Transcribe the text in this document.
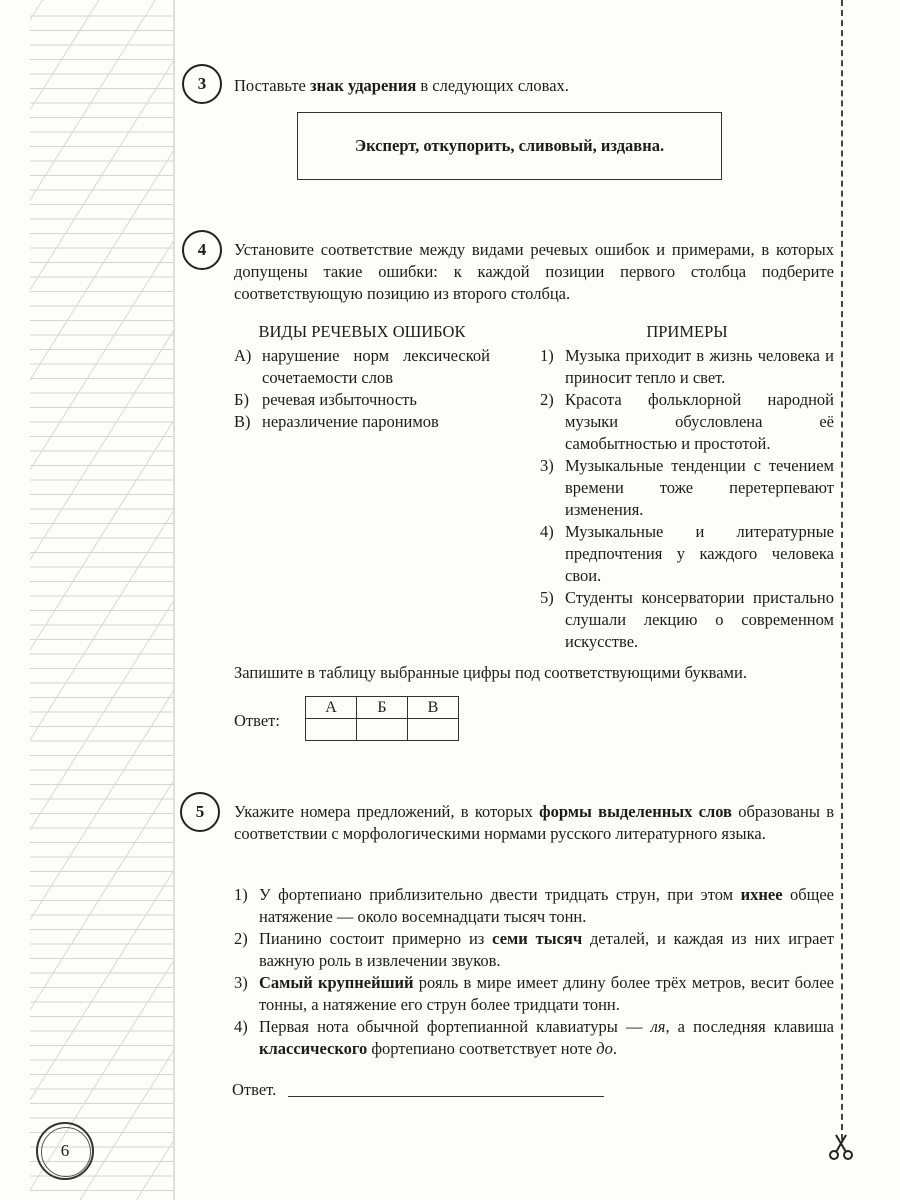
6
3	Поставьте знак ударения в следующих словах.
Эксперт, откупорить, сливовый, издавна.
4	Установите соответствие между видами речевых ошибок и примерами, в которых допущены такие ошибки: к каждой позиции первого столбца подберите соответствующую позицию из второго столбца.
ВИДЫ РЕЧЕВЫХ ОШИБОК	ПРИМЕРЫ
А) нарушение норм лексической сочетаемости слов
Б) речевая избыточность
В) неразличение паронимов
1) Музыка приходит в жизнь человека и приносит тепло и свет.
2) Красота фольклорной народной музыки обусловлена её самобытностью и простотой.
3) Музыкальные тенденции с течением времени тоже перетерпевают изменения.
4) Музыкальные и литературные предпочтения у каждого человека свои.
5) Студенты консерватории пристально слушали лекцию о современном искусстве.
Запишите в таблицу выбранные цифры под соответствующими буквами.
Ответ:
А	Б	В

5	Укажите номера предложений, в которых формы выделенных слов образованы в соответствии с морфологическими нормами русского литературного языка.
1) У фортепиано приблизительно двести тридцать струн, при этом ихнее общее натяжение — около восемнадцати тысяч тонн.
2) Пианино состоит примерно из семи тысяч деталей, и каждая из них играет важную роль в извлечении звуков.
3) Самый крупнейший рояль в мире имеет длину более трёх метров, весит более тонны, а натяжение его струн более тридцати тонн.
4) Первая нота обычной фортепианной клавиатуры — ля, а последняя клавиша классического фортепиано соответствует ноте до.
Ответ.
